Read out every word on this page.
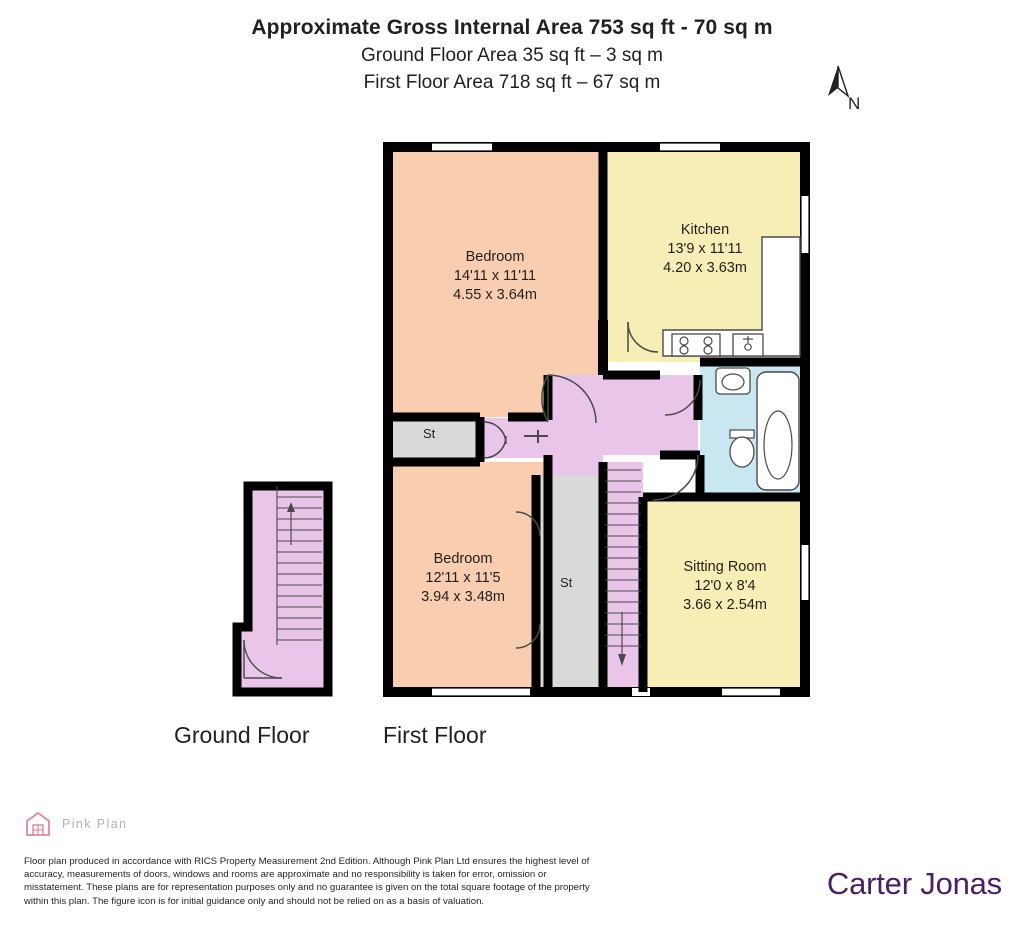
Approximate Gross Internal Area 753 sq ft - 70 sq m
Ground Floor Area 35 sq ft – 3 sq m
First Floor Area 718 sq ft – 67 sq m
N
Bedroom
14'11 x 11'11
4.55 x 3.64m
Kitchen
13'9 x 11'11
4.20 x 3.63m
Bedroom
12'11 x 11'5
3.94 x 3.48m
Sitting Room
12'0 x 8'4
3.66 x 2.54m
St
St
Ground Floor	First Floor
Pink Plan
Floor plan produced in accordance with RICS Property Measurement 2nd Edition. Although Pink Plan Ltd ensures the highest level of accuracy, measurements of doors, windows and rooms are approximate and no responsibility is taken for error, omission or misstatement. These plans are for representation purposes only and no guarantee is given on the total square footage of the property within this plan. The figure icon is for initial guidance only and should not be relied on as a basis of valuation.
Carter Jonas
